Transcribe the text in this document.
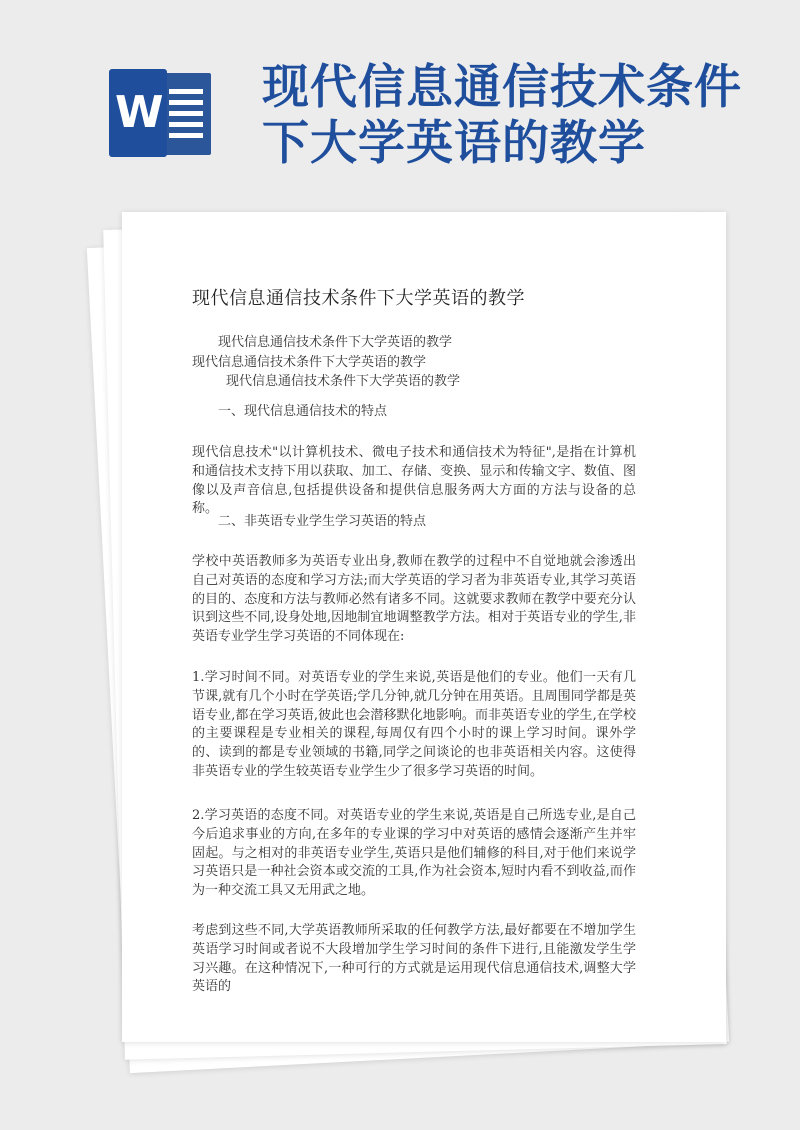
W 现代信息通信技术条件
下大学英语的教学
现代信息通信技术条件下大学英语的教学
现代信息通信技术条件下大学英语的教学
现代信息通信技术条件下大学英语的教学
现代信息通信技术条件下大学英语的教学
一、现代信息通信技术的特点
现代信息技术"以计算机技术、微电子技术和通信技术为特征",是指在计算机和通信技术支持下用以获取、加工、存储、变换、显示和传输文字、数值、图像以及声音信息,包括提供设备和提供信息服务两大方面的方法与设备的总称。
二、非英语专业学生学习英语的特点
学校中英语教师多为英语专业出身,教师在教学的过程中不自觉地就会渗透出自己对英语的态度和学习方法;而大学英语的学习者为非英语专业,其学习英语的目的、态度和方法与教师必然有诸多不同。这就要求教师在教学中要充分认识到这些不同,设身处地,因地制宜地调整教学方法。相对于英语专业的学生,非英语专业学生学习英语的不同体现在:
1.学习时间不同。对英语专业的学生来说,英语是他们的专业。他们一天有几节课,就有几个小时在学英语;学几分钟,就几分钟在用英语。且周围同学都是英语专业,都在学习英语,彼此也会潜移默化地影响。而非英语专业的学生,在学校的主要课程是专业相关的课程,每周仅有四个小时的课上学习时间。课外学的、读到的都是专业领域的书籍,同学之间谈论的也非英语相关内容。这使得非英语专业的学生较英语专业学生少了很多学习英语的时间。
2.学习英语的态度不同。对英语专业的学生来说,英语是自己所选专业,是自己今后追求事业的方向,在多年的专业课的学习中对英语的感情会逐渐产生并牢固起。与之相对的非英语专业学生,英语只是他们辅修的科目,对于他们来说学习英语只是一种社会资本或交流的工具,作为社会资本,短时内看不到收益,而作为一种交流工具又无用武之地。
考虑到这些不同,大学英语教师所采取的任何教学方法,最好都要在不增加学生英语学习时间或者说不大段增加学生学习时间的条件下进行,且能激发学生学习兴趣。在这种情况下,一种可行的方式就是运用现代信息通信技术,调整大学英语的
